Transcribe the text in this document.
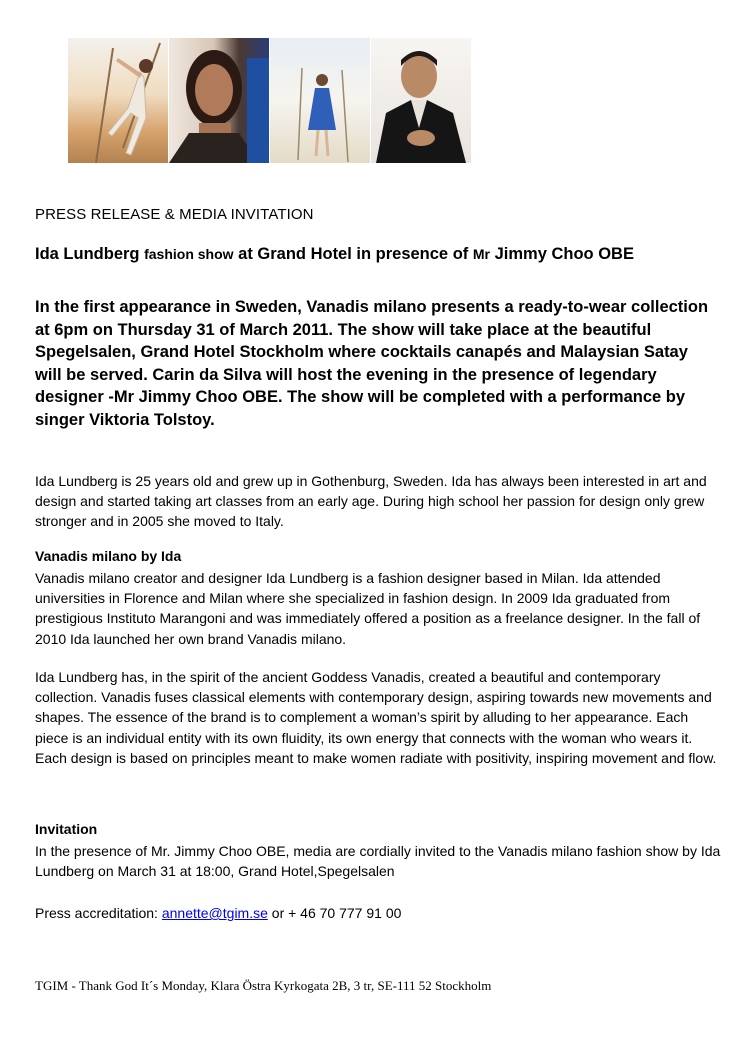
PRESS RELEASE & MEDIA INVITATION
Ida Lundberg fashion show at Grand Hotel in presence of Mr Jimmy Choo OBE

In the first appearance in Sweden, Vanadis milano presents a ready-to-wear collection at 6pm on Thursday 31 of March 2011. The show will take place at the beautiful Spegelsalen, Grand Hotel Stockholm where cocktails canapés and Malaysian Satay will be served. Carin da Silva will host the evening in the presence of legendary designer -Mr Jimmy Choo OBE. The show will be completed with a performance by singer Viktoria Tolstoy.

Ida Lundberg is 25 years old and grew up in Gothenburg, Sweden. Ida has always been interested in art and design and started taking art classes from an early age. During high school her passion for design only grew stronger and in 2005 she moved to Italy.

Vanadis milano by Ida

Vanadis milano creator and designer Ida Lundberg is a fashion designer based in Milan. Ida attended universities in Florence and Milan where she specialized in fashion design. In 2009 Ida graduated from prestigious Instituto Marangoni and was immediately offered a position as a freelance designer. In the fall of 2010 Ida launched her own brand Vanadis milano.

Ida Lundberg has, in the spirit of the ancient Goddess Vanadis, created a beautiful and contemporary collection. Vanadis fuses classical elements with contemporary design, aspiring towards new movements and shapes. The essence of the brand is to complement a woman’s spirit by alluding to her appearance. Each piece is an individual entity with its own fluidity, its own energy that connects with the woman who wears it. Each design is based on principles meant to make women radiate with positivity, inspiring movement and flow.

Invitation

In the presence of Mr. Jimmy Choo OBE, media are cordially invited to the Vanadis milano fashion show by Ida Lundberg on March 31 at 18:00, Grand Hotel,Spegelsalen

Press accreditation: annette@tgim.se or + 46 70 777 91 00
TGIM - Thank God It´s Monday, Klara Östra Kyrkogata 2B, 3 tr, SE-111 52 Stockholm
